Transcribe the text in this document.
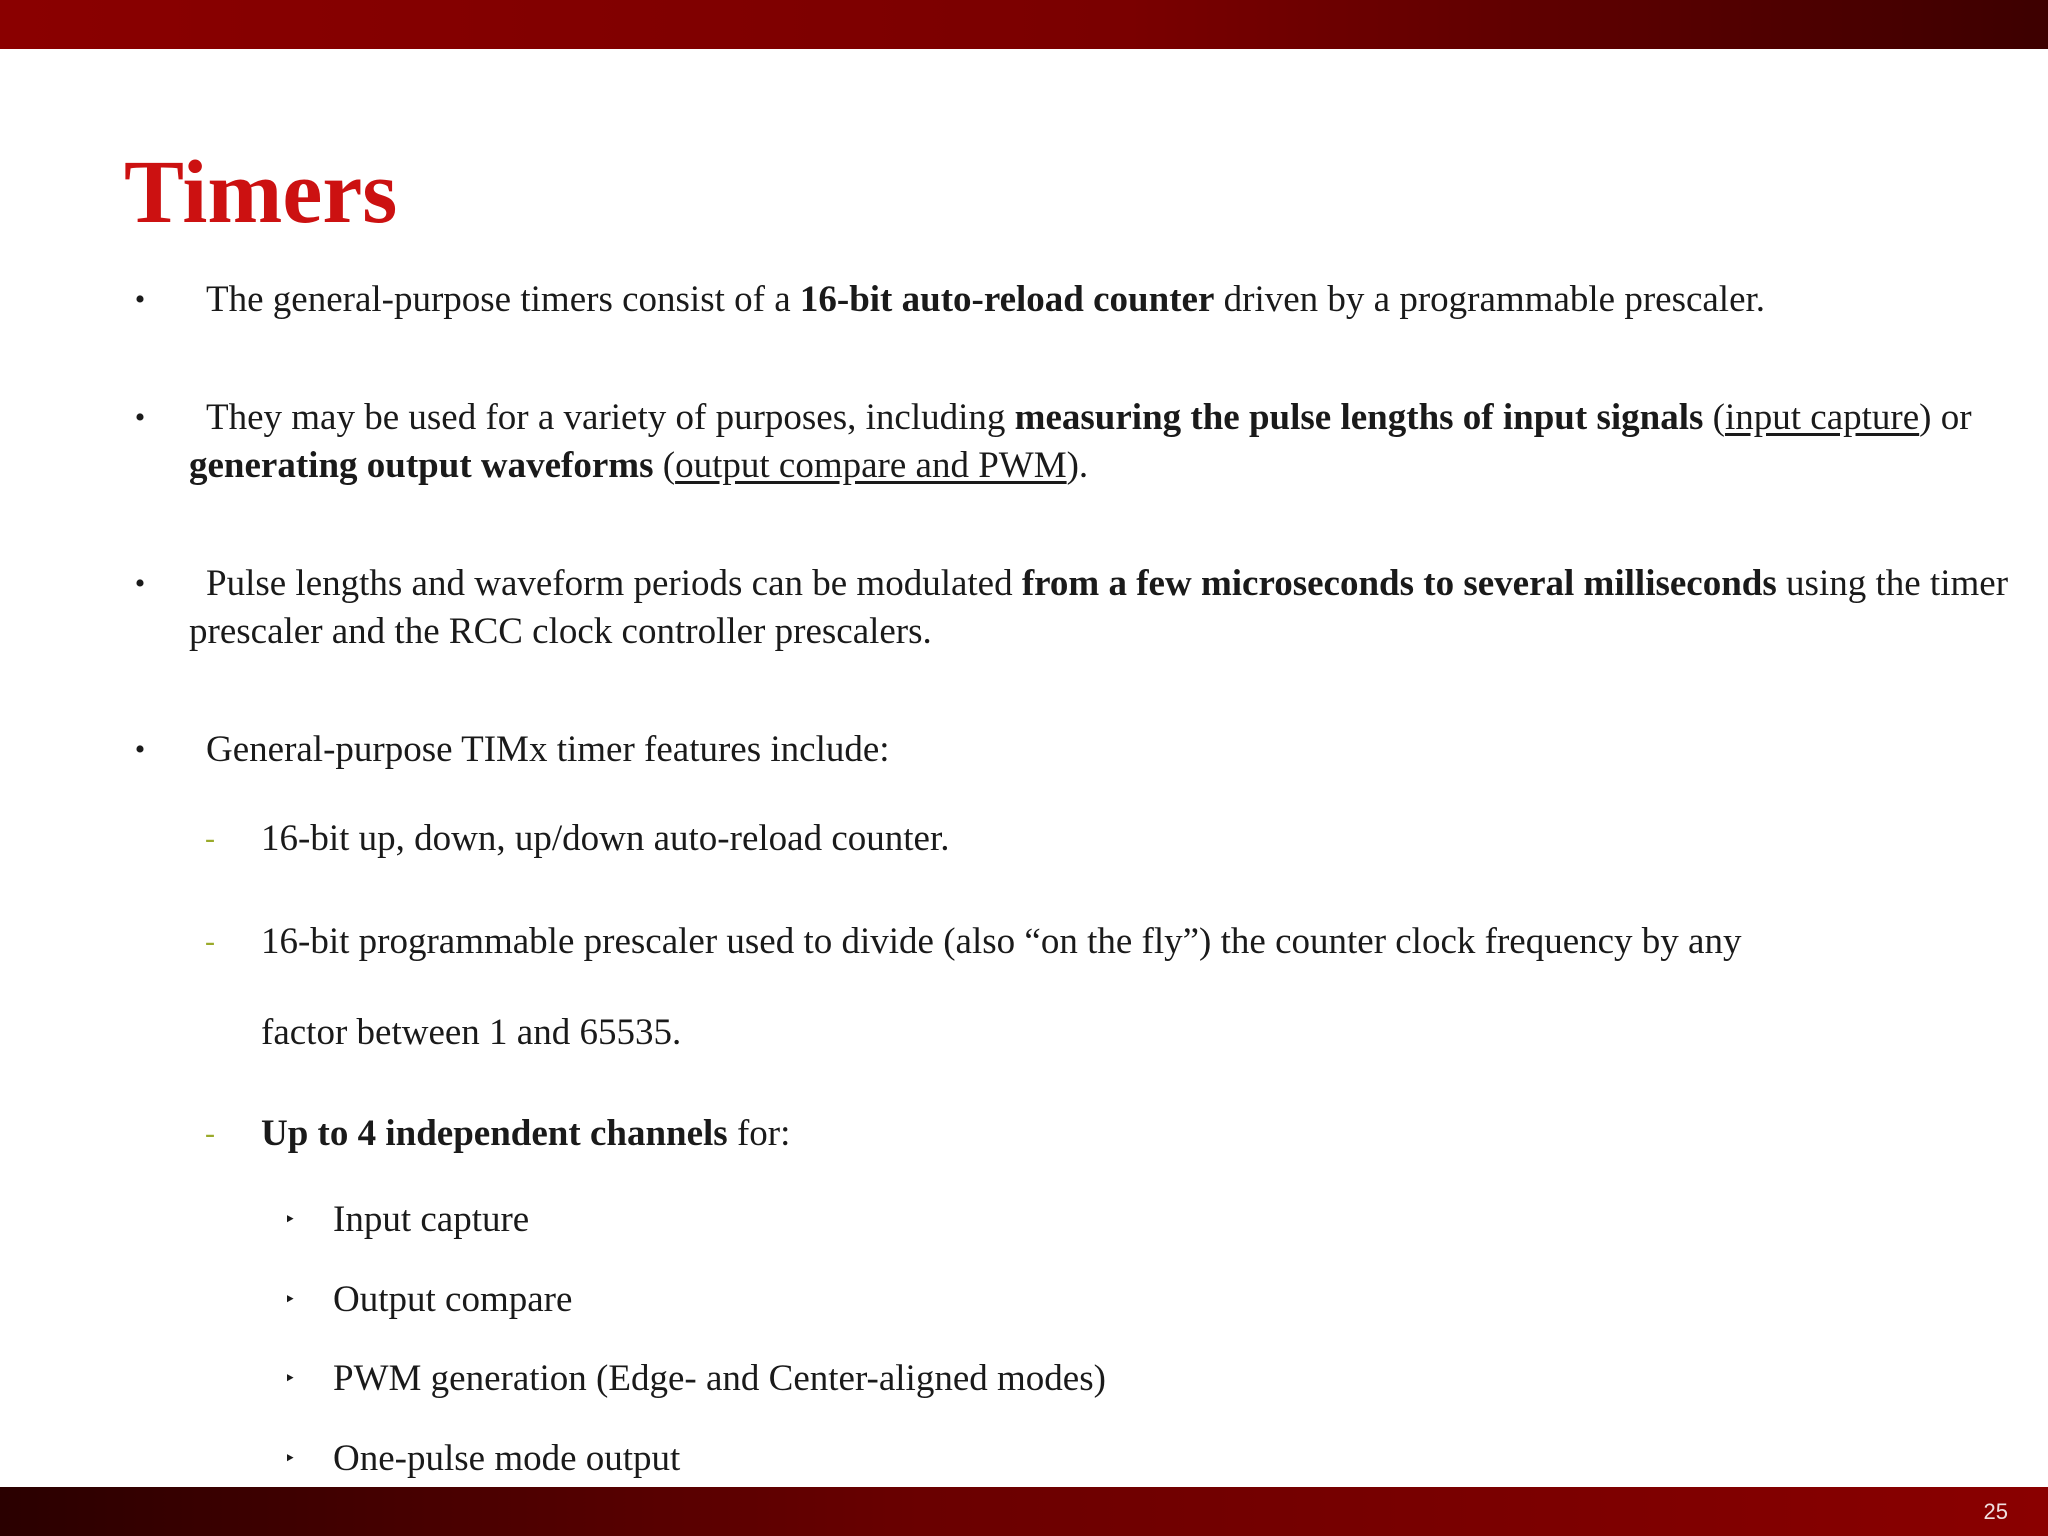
Timers
•	The general-purpose timers consist of a 16-bit auto-reload counter driven by a programmable prescaler.
•	They may be used for a variety of purposes, including measuring the pulse lengths of input signals (input capture) or generating output waveforms (output compare and PWM).
•	Pulse lengths and waveform periods can be modulated from a few microseconds to several milliseconds using the timer prescaler and the RCC clock controller prescalers.
•	General-purpose TIMx timer features include:
- 16-bit up, down, up/down auto-reload counter.
- 16-bit programmable prescaler used to divide (also “on the fly”) the counter clock frequency by any
factor between 1 and 65535.
- Up to 4 independent channels for:
‣ Input capture
‣ Output compare
‣ PWM generation (Edge- and Center-aligned modes)
‣ One-pulse mode output
25
